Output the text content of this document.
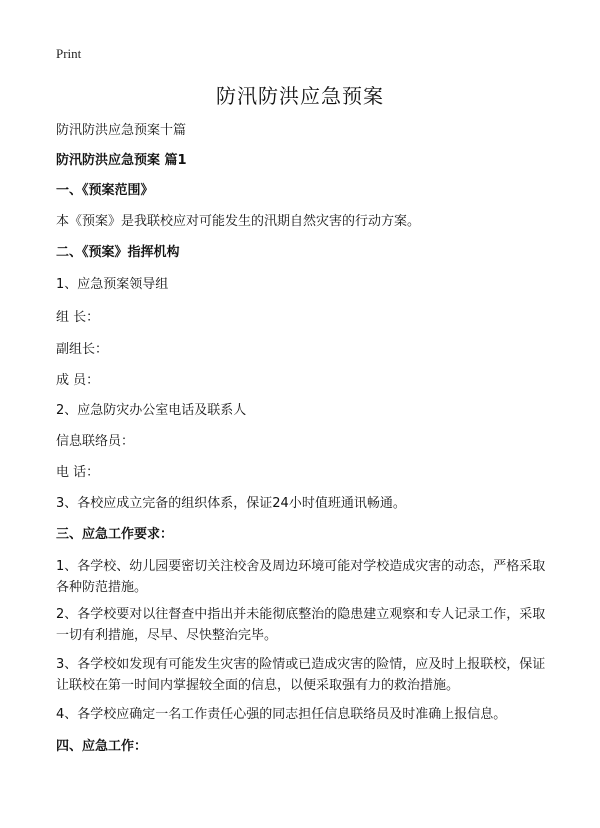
Print
防汛防洪应急预案
防汛防洪应急预案十篇
防汛防洪应急预案 篇1
一、《预案范围》
本《预案》是我联校应对可能发生的汛期自然灾害的行动方案。
二、《预案》指挥机构
1、应急预案领导组
组 长：
副组长：
成 员：
2、应急防灾办公室电话及联系人
信息联络员：
电 话：
3、各校应成立完备的组织体系，保证24小时值班通讯畅通。
三、应急工作要求：
1、各学校、幼儿园要密切关注校舍及周边环境可能对学校造成灾害的动态，严格采取各种防范措施。
2、各学校要对以往督查中指出并未能彻底整治的隐患建立观察和专人记录工作，采取一切有利措施，尽早、尽快整治完毕。
3、各学校如发现有可能发生灾害的险情或已造成灾害的险情，应及时上报联校，保证让联校在第一时间内掌握较全面的信息，以便采取强有力的救治措施。
4、各学校应确定一名工作责任心强的同志担任信息联络员及时准确上报信息。
四、应急工作：
